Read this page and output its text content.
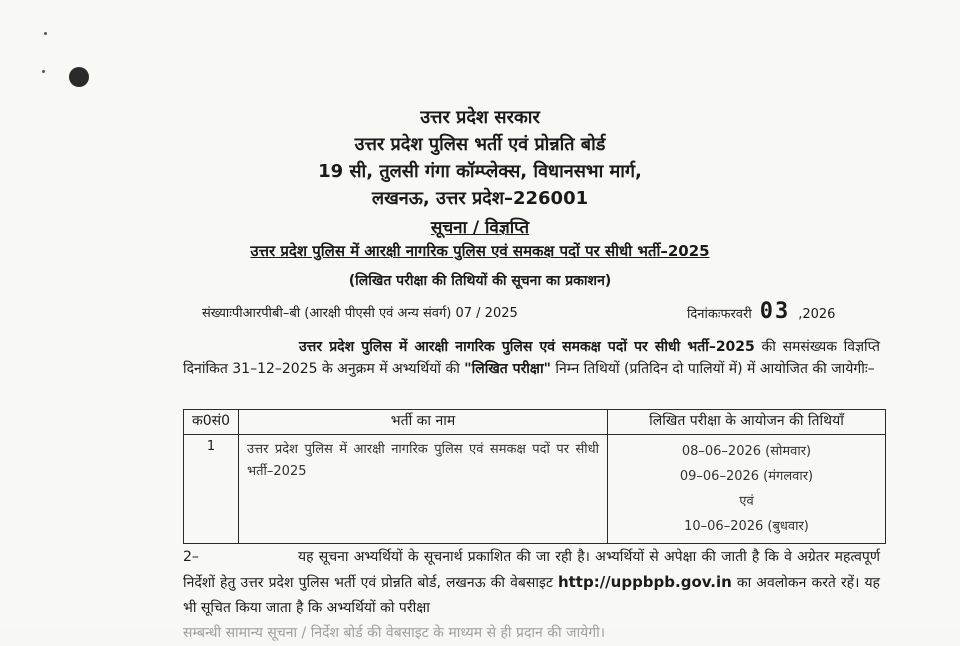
उत्तर प्रदेश सरकार
उत्तर प्रदेश पुलिस भर्ती एवं प्रोन्नति बोर्ड
19 सी, तुलसी गंगा कॉम्प्लेक्स, विधानसभा मार्ग,
लखनऊ, उत्तर प्रदेश–226001
सूचना / विज्ञप्ति
उत्तर प्रदेश पुलिस में आरक्षी नागरिक पुलिस एवं समकक्ष पदों पर सीधी भर्ती–2025
(लिखित परीक्षा की तिथियों की सूचना का प्रकाशन)
संख्याःपीआरपीबी–बी (आरक्षी पीएसी एवं अन्य संवर्ग) 07 / 2025	दिनांकःफरवरी 03 ,2026
उत्तर प्रदेश पुलिस में आरक्षी नागरिक पुलिस एवं समकक्ष पदों पर सीधी भर्ती–2025 की समसंख्यक विज्ञप्ति दिनांकित 31–12–2025 के अनुक्रम में अभ्यर्थियों की "लिखित परीक्षा" निम्न तिथियों (प्रतिदिन दो पालियों में) में आयोजित की जायेगीः–
क0सं0	भर्ती का नाम	लिखित परीक्षा के आयोजन की तिथियाँ
1	उत्तर प्रदेश पुलिस में आरक्षी नागरिक पुलिस एवं समकक्ष पदों पर सीधी भर्ती–2025	08–06–2026 (सोमवार)
09–06–2026 (मंगलवार)
एवं
10–06–2026 (बुधवार)
2–	यह सूचना अभ्यर्थियों के सूचनार्थ प्रकाशित की जा रही है। अभ्यर्थियों से अपेक्षा की जाती है कि वे अग्रेतर महत्वपूर्ण निर्देशों हेतु उत्तर प्रदेश पुलिस भर्ती एवं प्रोन्नति बोर्ड, लखनऊ की वेबसाइट http://uppbpb.gov.in का अवलोकन करते रहें। यह भी सूचित किया जाता है कि अभ्यर्थियों को परीक्षा
सम्बन्धी सामान्य सूचना / निर्देश बोर्ड की वेबसाइट के माध्यम से ही प्रदान की जायेगी।
